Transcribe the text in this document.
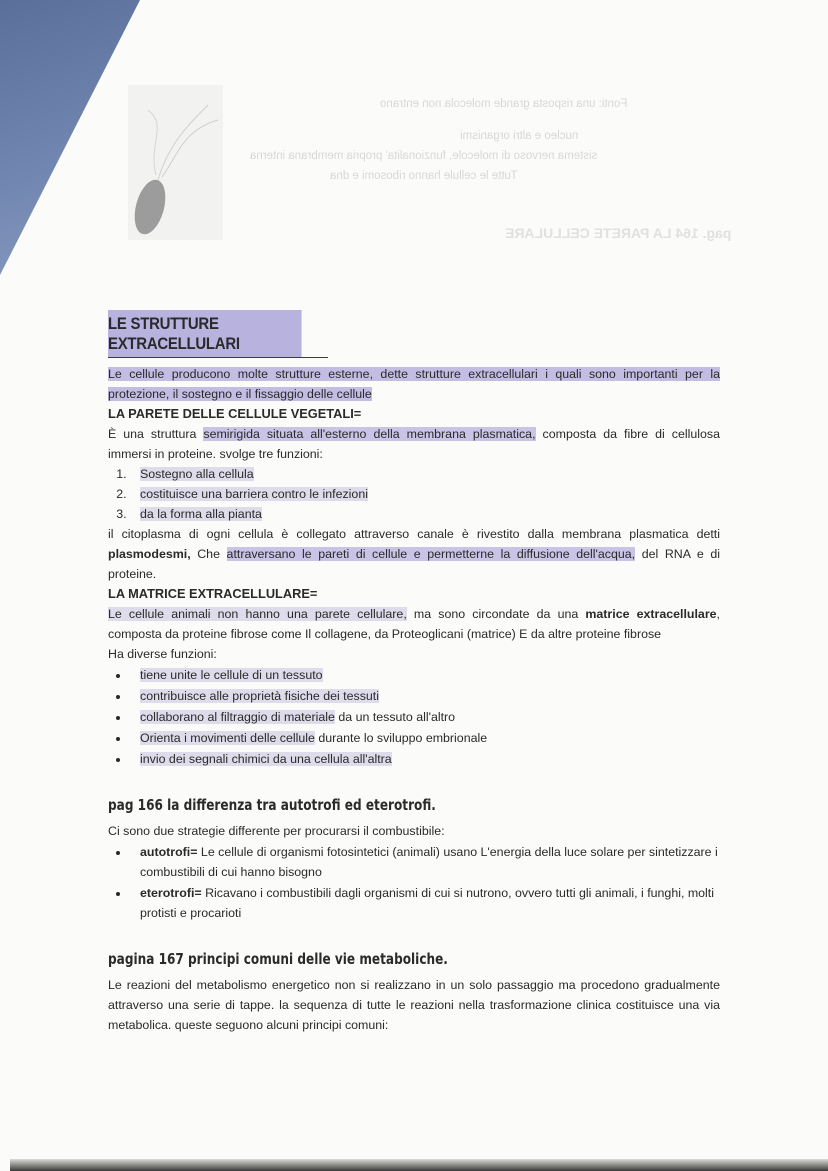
Fonti: una risposta grande molecola non entrano
nucleo e altri organismi
sistema nervoso di molecole, funzionalita' propria membrana interna
Tutte le cellule hanno ribosomi e dna
pag. 164 LA PARETE CELLULARE
LE STRUTTURE EXTRACELLULARI

Le cellule producono molte strutture esterne, dette strutture extracellulari i quali sono importanti per la protezione, il sostegno e il fissaggio delle cellule

LA PARETE DELLE CELLULE VEGETALI=

È una struttura semirigida situata all'esterno della membrana plasmatica, composta da fibre di cellulosa immersi in proteine. svolge tre funzioni:

1. Sostegno alla cellula
2. costituisce una barriera contro le infezioni
3. da la forma alla pianta

il citoplasma di ogni cellula è collegato attraverso canale è rivestito dalla membrana plasmatica detti plasmodesmi, Che attraversano le pareti di cellule e permetterne la diffusione dell'acqua, del RNA e di proteine.

LA MATRICE EXTRACELLULARE=

Le cellule animali non hanno una parete cellulare, ma sono circondate da una matrice extracellulare, composta da proteine fibrose come Il collagene, da Proteoglicani (matrice) E da altre proteine fibrose

Ha diverse funzioni:

• tiene unite le cellule di un tessuto
• contribuisce alle proprietà fisiche dei tessuti
• collaborano al filtraggio di materiale da un tessuto all'altro
• Orienta i movimenti delle cellule durante lo sviluppo embrionale
• invio dei segnali chimici da una cellula all'altra
pag 166 la differenza tra autotrofi ed eterotrofi.

Ci sono due strategie differente per procurarsi il combustibile:

• autotrofi= Le cellule di organismi fotosintetici (animali) usano L'energia della luce solare per sintetizzare i combustibili di cui hanno bisogno
• eterotrofi= Ricavano i combustibili dagli organismi di cui si nutrono, ovvero tutti gli animali, i funghi, molti protisti e procarioti
pagina 167 principi comuni delle vie metaboliche.

Le reazioni del metabolismo energetico non si realizzano in un solo passaggio ma procedono gradualmente attraverso una serie di tappe. la sequenza di tutte le reazioni nella trasformazione clinica costituisce una via metabolica. queste seguono alcuni principi comuni:
